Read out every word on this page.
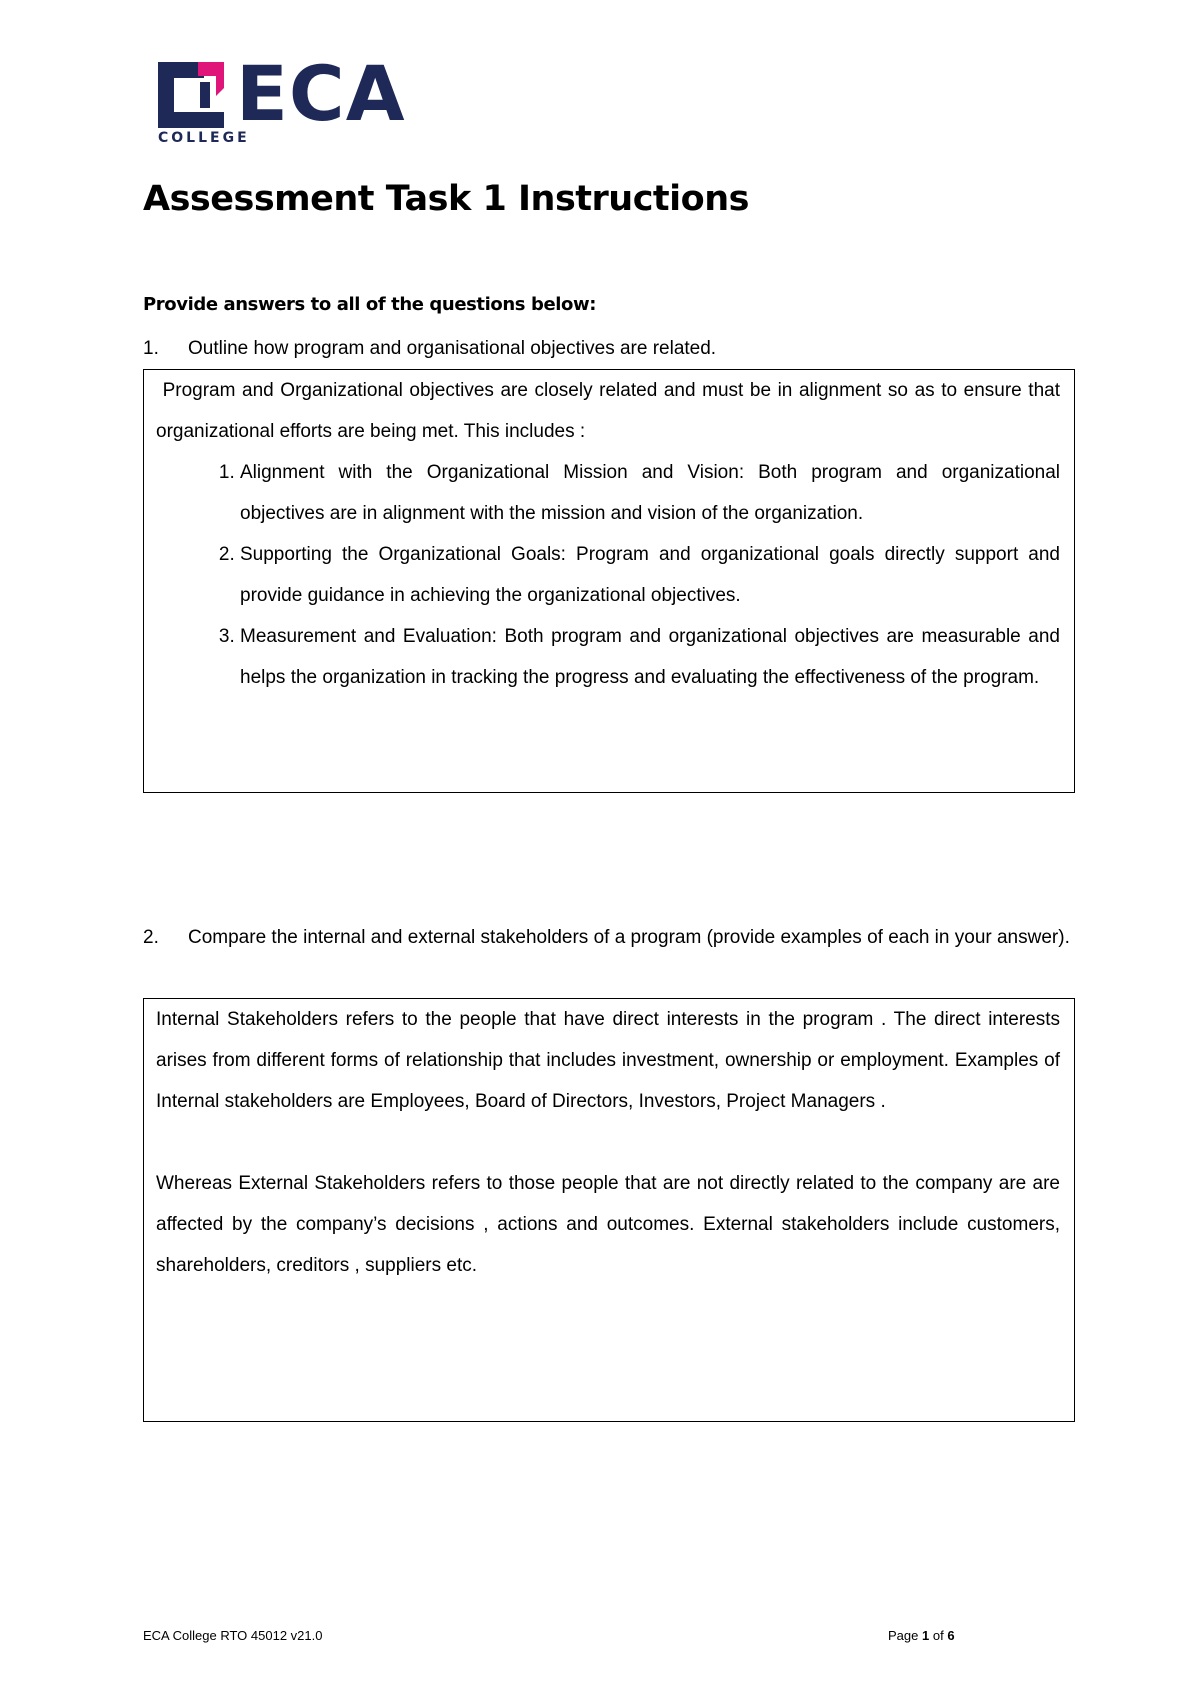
ECA
COLLEGE
Assessment Task 1 Instructions
Provide answers to all of the questions below:
1.	Outline how program and organisational objectives are related.

Program and Organizational objectives are closely related and must be in alignment so as to ensure that organizational efforts are being met. This includes :

1. Alignment with the Organizational Mission and Vision: Both program and organizational objectives are in alignment with the mission and vision of the organization.
2. Supporting the Organizational Goals: Program and organizational goals directly support and provide guidance in achieving the organizational objectives.
3. Measurement and Evaluation: Both program and organizational objectives are measurable and helps the organization in tracking the progress and evaluating the effectiveness of the program.
2.	Compare the internal and external stakeholders of a program (provide examples of each in your answer).

Internal Stakeholders refers to the people that have direct interests in the program . The direct interests arises from different forms of relationship that includes investment, ownership or employment. Examples of Internal stakeholders are Employees, Board of Directors, Investors, Project Managers .

Whereas External Stakeholders refers to those people that are not directly related to the company are are affected by the company’s decisions , actions and outcomes. External stakeholders include customers, shareholders, creditors , suppliers etc.

ECA College RTO 45012 v21.0	Page 1 of 6
